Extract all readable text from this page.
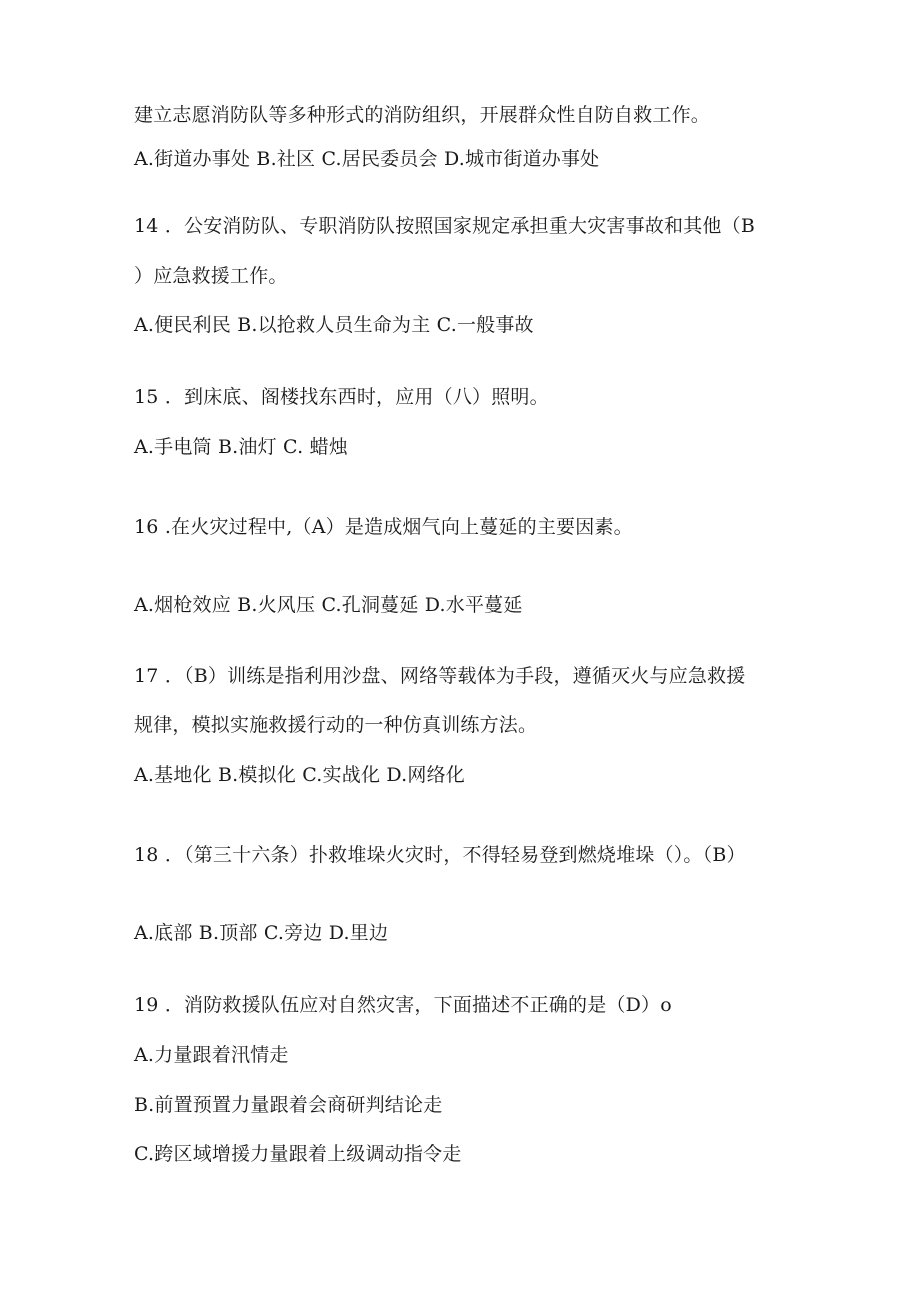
建立志愿消防队等多种形式的消防组织，开展群众性自防自救工作。
A.街道办事处 B.社区 C.居民委员会 D.城市街道办事处
14 ．公安消防队、专职消防队按照国家规定承担重大灾害事故和其他（B
）应急救援工作。
A.便民利民 B.以抢救人员生命为主 C.一般事故
15 ．到床底、阁楼找东西时，应用（八）照明。
A.手电筒 B.油灯 C. 蜡烛
16 .在火灾过程中,（A）是造成烟气向上蔓延的主要因素。
A.烟枪效应 B.火风压 C.孔洞蔓延 D.水平蔓延
17 ．（B）训练是指利用沙盘、网络等载体为手段，遵循灭火与应急救援
规律，模拟实施救援行动的一种仿真训练方法。
A.基地化 B.模拟化 C.实战化 D.网络化
18 ．（第三十六条）扑救堆垛火灾时，不得轻易登到燃烧堆垛（）。（B）
A.底部 B.顶部 C.旁边 D.里边
19 ．消防救援队伍应对自然灾害，下面描述不正确的是（D）o
A.力量跟着汛情走
B.前置预置力量跟着会商研判结论走
C.跨区域增援力量跟着上级调动指令走
